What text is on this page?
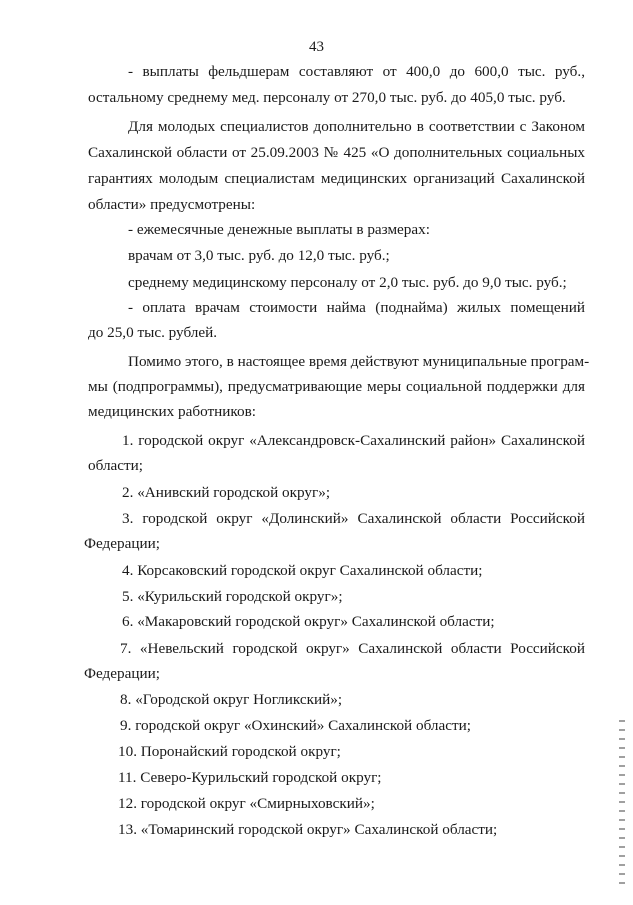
43
- выплаты фельдшерам составляют от 400,0 до 600,0 тыс. руб.,
остальному среднему мед. персоналу от 270,0 тыс. руб. до 405,0 тыс. руб.
Для молодых специалистов дополнительно в соответствии с Законом
Сахалинской области от 25.09.2003 № 425 «О дополнительных социальных
гарантиях молодым специалистам медицинских организаций Сахалинской
области» предусмотрены:
- ежемесячные денежные выплаты в размерах:
врачам от 3,0 тыс. руб. до 12,0 тыс. руб.;
среднему медицинскому персоналу от 2,0 тыс. руб. до 9,0 тыс. руб.;
- оплата врачам стоимости найма (поднайма) жилых помещений
до 25,0 тыс. рублей.
Помимо этого, в настоящее время действуют муниципальные програм-
мы (подпрограммы), предусматривающие меры социальной поддержки для
медицинских работников:
1. городской округ «Александровск-Сахалинский район» Сахалинской
области;
2. «Анивский городской округ»;
3. городской округ «Долинский» Сахалинской области Российской
Федерации;
4. Корсаковский городской округ Сахалинской области;
5. «Курильский городской округ»;
6. «Макаровский городской округ» Сахалинской области;
7. «Невельский городской округ» Сахалинской области Российской
Федерации;
8. «Городской округ Ногликский»;
9. городской округ «Охинский» Сахалинской области;
10. Поронайский городской округ;
11. Северо-Курильский городской округ;
12. городской округ «Смирныховский»;
13. «Томаринский городской округ» Сахалинской области;
